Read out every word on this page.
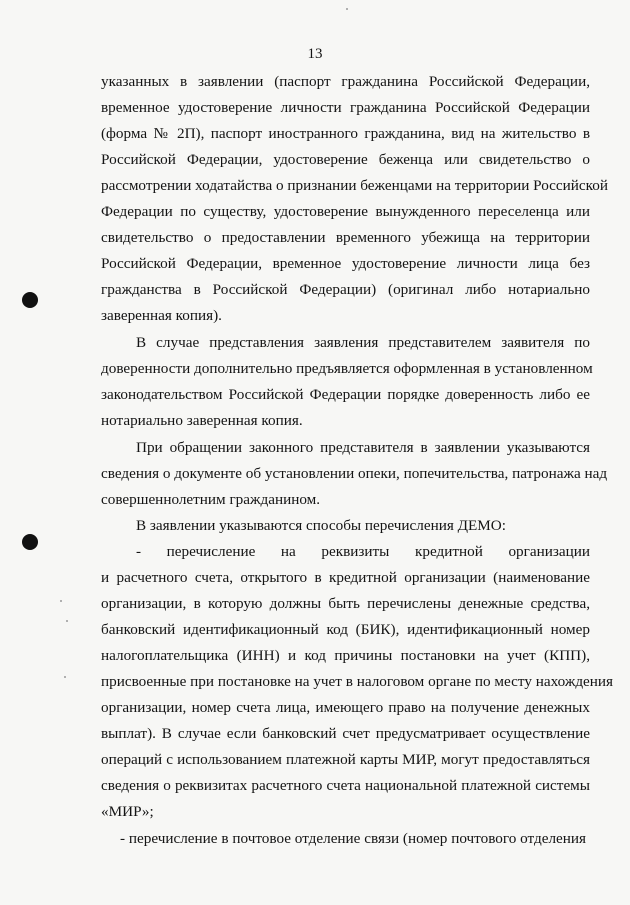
13
указанных в заявлении (паспорт гражданина Российской Федерации,
временное удостоверение личности гражданина Российской Федерации
(форма № 2П), паспорт иностранного гражданина, вид на жительство в
Российской Федерации, удостоверение беженца или свидетельство о
рассмотрении ходатайства о признании беженцами на территории Российской
Федерации по существу, удостоверение вынужденного переселенца или
свидетельство о предоставлении временного убежища на территории
Российской Федерации, временное удостоверение личности лица без
гражданства в Российской Федерации) (оригинал либо нотариально
заверенная копия).
В случае представления заявления представителем заявителя по
доверенности дополнительно предъявляется оформленная в установленном
законодательством Российской Федерации порядке доверенность либо ее
нотариально заверенная копия.
При обращении законного представителя в заявлении указываются
сведения о документе об установлении опеки, попечительства, патронажа над
совершеннолетним гражданином.
В заявлении указываются способы перечисления ДЕМО:
- перечисление на реквизиты кредитной организации
и расчетного счета, открытого в кредитной организации (наименование
организации, в которую должны быть перечислены денежные средства,
банковский идентификационный код (БИК), идентификационный номер
налогоплательщика (ИНН) и код причины постановки на учет (КПП),
присвоенные при постановке на учет в налоговом органе по месту нахождения
организации, номер счета лица, имеющего право на получение денежных
выплат). В случае если банковский счет предусматривает осуществление
операций с использованием платежной карты МИР, могут предоставляться
сведения о реквизитах расчетного счета национальной платежной системы
«МИР»;
- перечисление в почтовое отделение связи (номер почтового отделения
